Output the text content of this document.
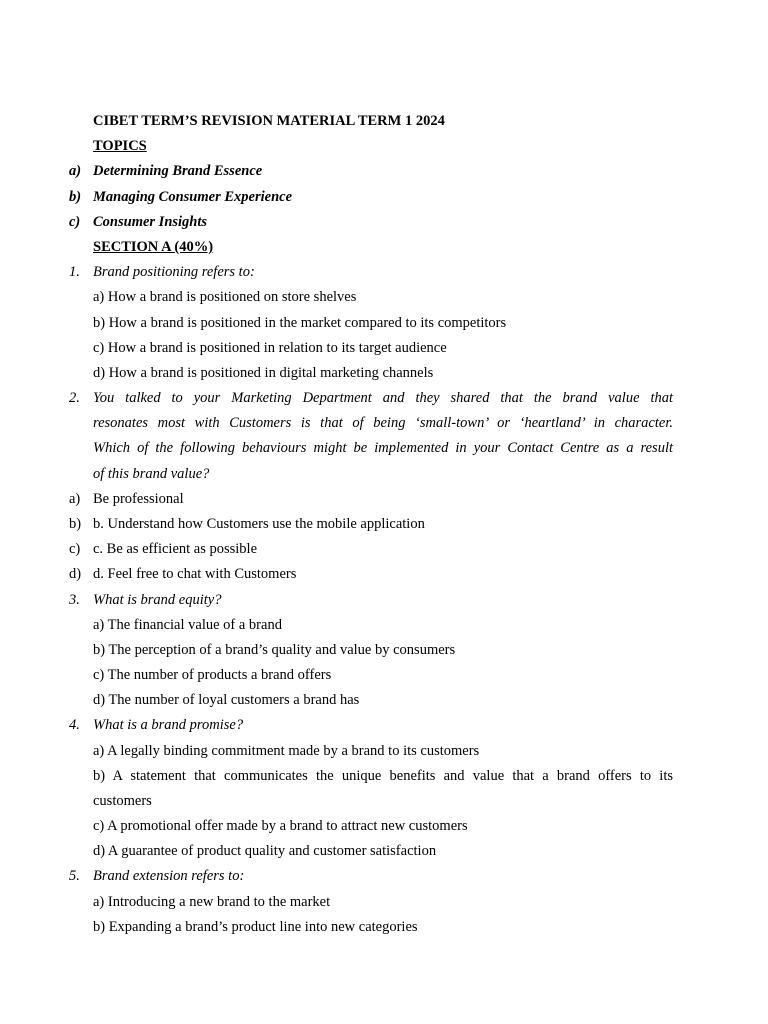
CIBET TERM’S REVISION MATERIAL TERM 1 2024
TOPICS
a) Determining Brand Essence
b) Managing Consumer Experience
c) Consumer Insights
SECTION A (40%)
1. Brand positioning refers to:
a) How a brand is positioned on store shelves
b) How a brand is positioned in the market compared to its competitors
c) How a brand is positioned in relation to its target audience
d) How a brand is positioned in digital marketing channels
2. You talked to your Marketing Department and they shared that the brand value that
resonates most with Customers is that of being ‘small-town’ or ‘heartland’ in character.
Which of the following behaviours might be implemented in your Contact Centre as a result
of this brand value?
a) Be professional
b) b. Understand how Customers use the mobile application
c) c. Be as efficient as possible
d) d. Feel free to chat with Customers
3. What is brand equity?
a) The financial value of a brand
b) The perception of a brand’s quality and value by consumers
c) The number of products a brand offers
d) The number of loyal customers a brand has
4. What is a brand promise?
a) A legally binding commitment made by a brand to its customers
b) A statement that communicates the unique benefits and value that a brand offers to its
customers
c) A promotional offer made by a brand to attract new customers
d) A guarantee of product quality and customer satisfaction
5. Brand extension refers to:
a) Introducing a new brand to the market
b) Expanding a brand’s product line into new categories
